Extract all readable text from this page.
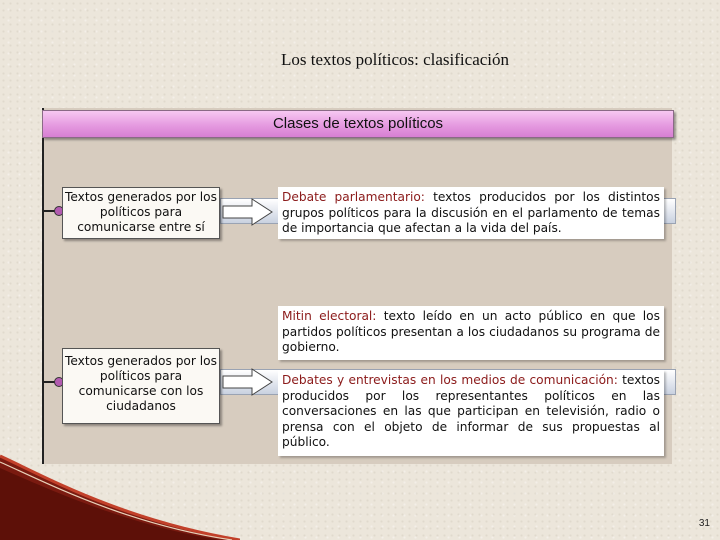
Los textos políticos: clasificación
Clases de textos políticos
Textos generados por los políticos para comunicarse entre sí
Debate parlamentario: textos producidos por los distintos grupos políticos para la discusión en el parlamento de temas de importancia que afectan a la vida del país.
Textos generados por los políticos para comunicarse con los ciudadanos
Mitin electoral: texto leído en un acto público en que los partidos políticos presentan a los ciudadanos su programa de gobierno.
Debates y entrevistas en los medios de comunicación: textos producidos por los representantes políticos en las conversaciones en las que participan en televisión, radio o prensa con el objeto de informar de sus propuestas al público.
31
